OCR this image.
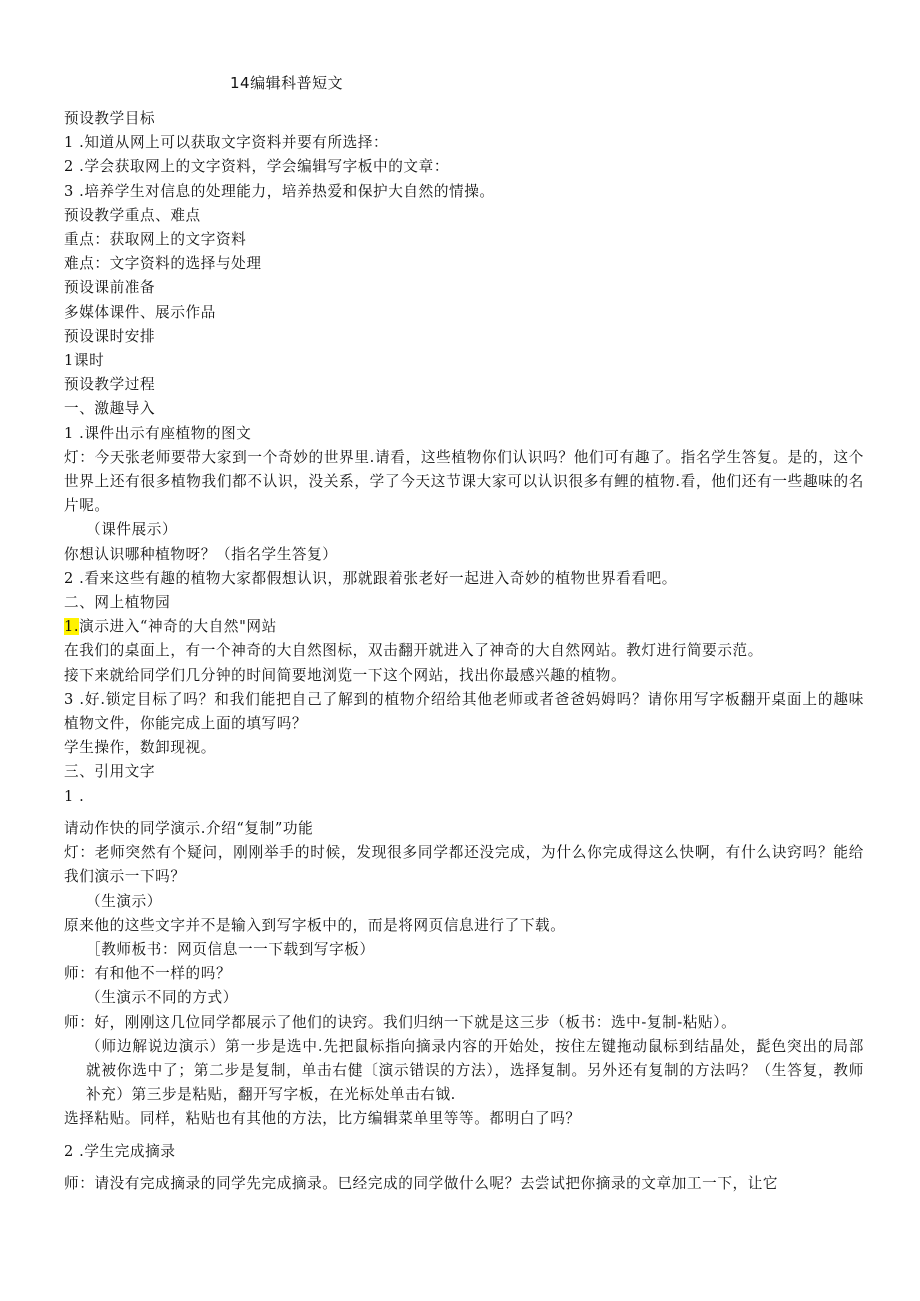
14编辑科普短文
预设教学目标
1 .知道从网上可以获取文字资料并要有所选择：
2 .学会获取网上的文字资料，学会编辑写字板中的文章：
3 .培养学生对信息的处理能力，培养热爱和保护大自然的情操。
预设教学重点、难点
重点：获取网上的文字资料
难点：文字资料的选择与处理
预设课前准备
多媒体课件、展示作品
预设课时安排
1课时
预设教学过程
一、激趣导入
1 .课件出示有座植物的图文
灯：今天张老师要带大家到一个奇妙的世界里.请看，这些植物你们认识吗？他们可有趣了。指名学生答复。是的，这个世界上还有很多植物我们都不认识，没关系，学了今天这节课大家可以认识很多有鲤的植物.看，他们还有一些趣味的名片呢。
（课件展示）
你想认识哪种植物呀？（指名学生答复）
2 .看来这些有趣的植物大家都假想认识，那就跟着张老好一起进入奇妙的植物世界看看吧。
二、网上植物园
1.演示进入“神奇的大自然"网站
在我们的桌面上，有一个神奇的大自然图标，双击翻开就进入了神奇的大自然网站。教灯进行简要示范。
接下来就给同学们几分钟的时间简要地浏览一下这个网站，找出你最感兴趣的植物。
3 .好.锁定目标了吗？和我们能把自己了解到的植物介绍给其他老师或者爸爸妈姆吗？请你用写字板翻开桌面上的趣味植物文件，你能完成上面的填写吗？
学生操作，数卸现视。
三、引用文字
1 .
请动作快的同学演示.介绍“复制”功能
灯：老师突然有个疑问，刚刚举手的时候，发现很多同学都还没完成，为什么你完成得这么快啊，有什么诀窍吗？能给我们演示一下吗？
（生演示）
原来他的这些文字并不是输入到写字板中的，而是将网页信息进行了下载。
［教师板书：网页信息一一下载到写字板）
师：有和他不一样的吗？
（生演示不同的方式）
师：好，刚刚这几位同学都展示了他们的诀窍。我们归纳一下就是这三步（板书：选中-复制-粘贴）。
（师边解说边演示）第一步是选中.先把鼠标指向摘录内容的开始处，按住左键拖动鼠标到结晶处，髭色突出的局部就被你选中了；第二步是复制，单击右健〔演示错误的方法），选择复制。另外还有复制的方法吗？（生答复，教师补充）第三步是粘贴，翻开写字板，在光标处单击右钺.
选择粘贴。同样，粘贴也有其他的方法，比方编辑菜单里等等。都明白了吗？
2 .学生完成摘录
师：请没有完成摘录的同学先完成摘录。巳经完成的同学做什么呢？去尝试把你摘录的文章加工一下，让它
